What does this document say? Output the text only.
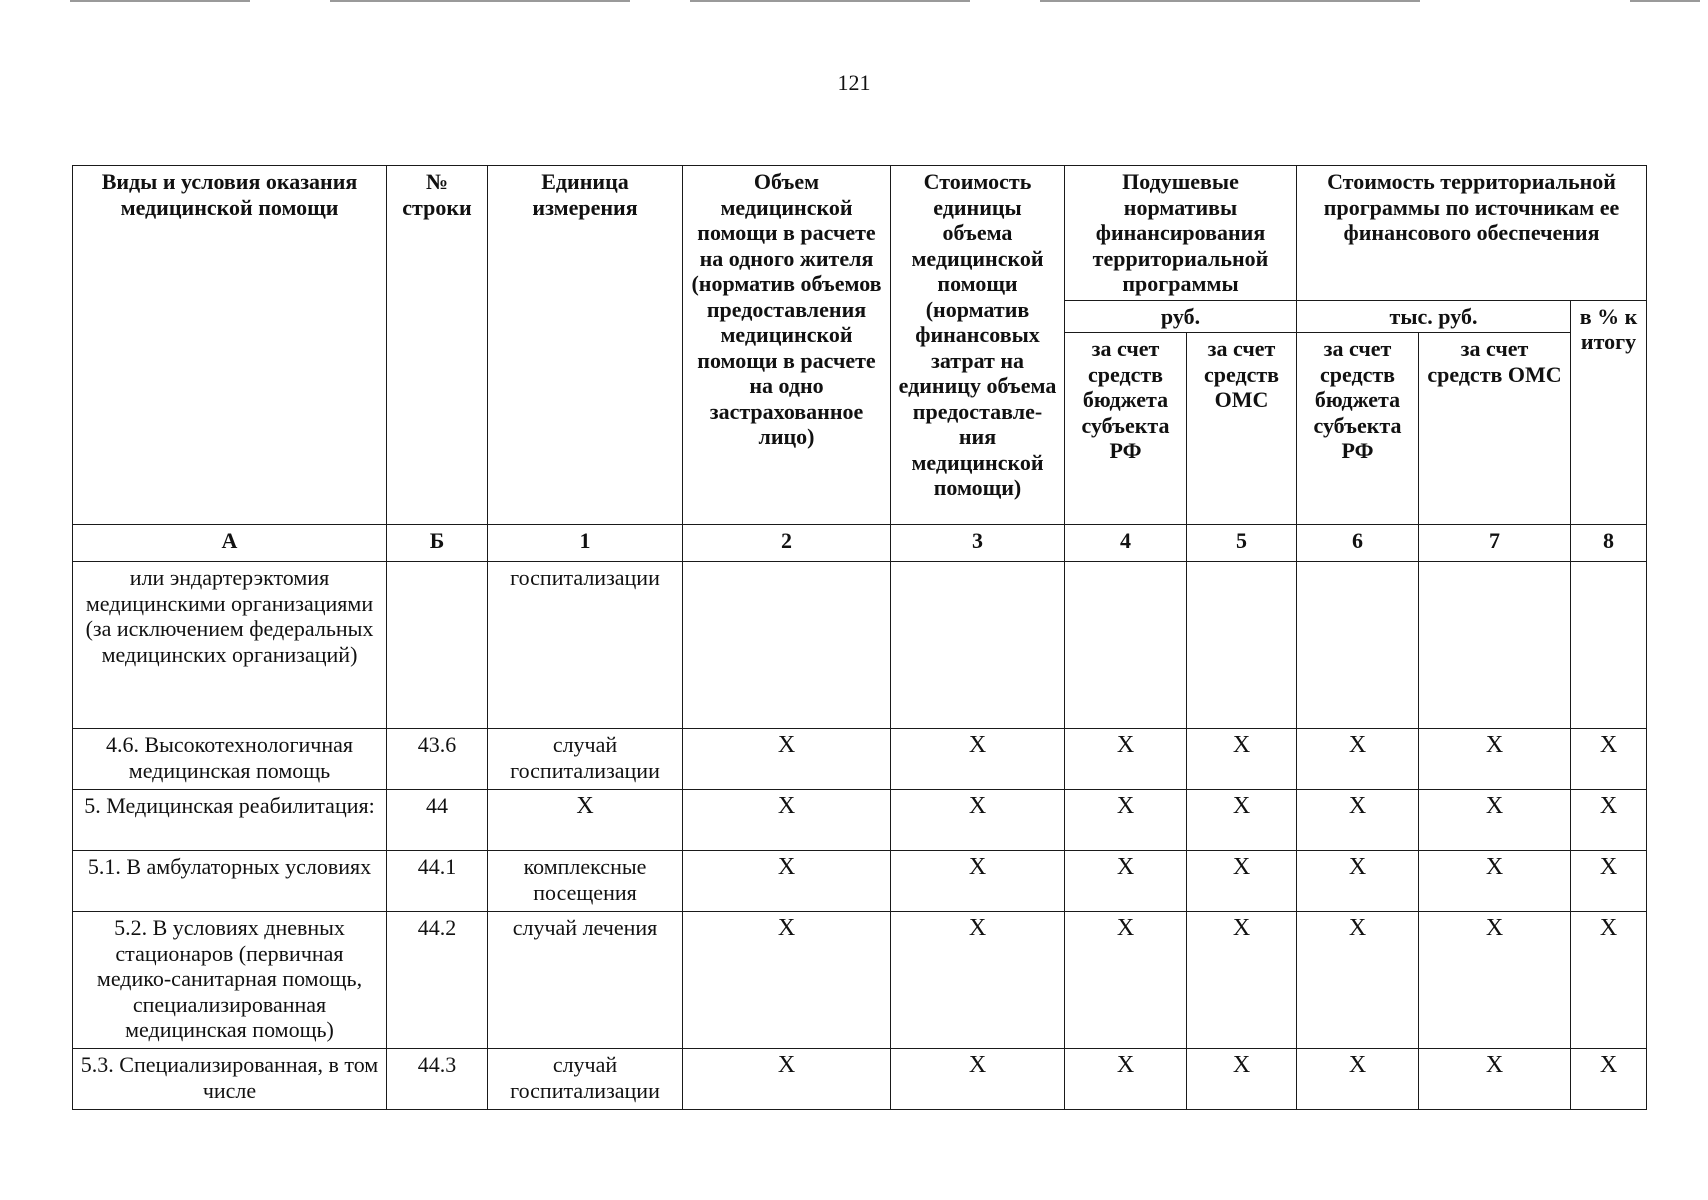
121
Виды и условия оказания медицинской помощи	№ строки	Единица измерения	Объем медицинской помощи в расчете на одного жителя (норматив объемов предоставления медицинской помощи в расчете на одно застрахованное лицо)	Стоимость единицы объема медицинской помощи (норматив финансовых затрат на единицу объема предоставле-ния медицинской помощи)	Подушевые нормативы финансирования территориальной программы		Стоимость территориальной программы по источникам ее финансового обеспечения		
					руб.		тыс. руб.		в % к итогу
					за счет средств бюджета субъекта РФ	за счет средств ОМС	за счет средств бюджета субъекта РФ	за счет средств ОМС	
А	Б	1	2	3	4	5	6	7	8
или эндартерэктомия медицинскими организациями (за исключением федеральных медицинских организаций)		госпитализации							
4.6. Высокотехнологичная медицинская помощь	43.6	случай госпитализации	X	X	X	X	X	X	X
5. Медицинская реабилитация:	44	X	X	X	X	X	X	X	X
5.1. В амбулаторных условиях	44.1	комплексные посещения	X	X	X	X	X	X	X
5.2. В условиях дневных стационаров (первичная медико-санитарная помощь, специализированная медицинская помощь)	44.2	случай лечения	X	X	X	X	X	X	X
5.3. Специализированная, в том числе	44.3	случай госпитализации	X	X	X	X	X	X	X
